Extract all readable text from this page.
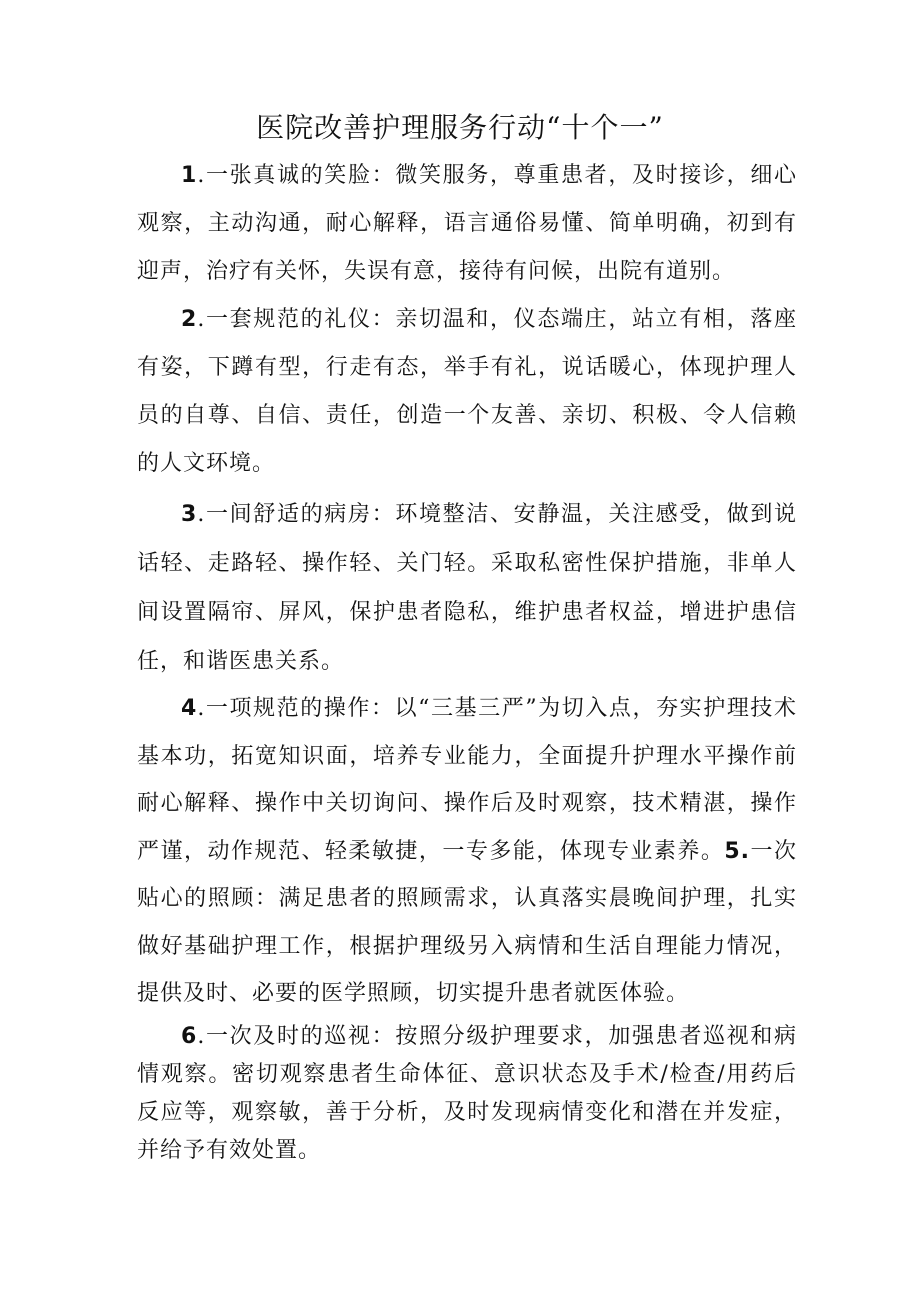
医院改善护理服务行动“十个一”

1.一张真诚的笑脸：微笑服务，尊重患者，及时接诊，细心观察，主动沟通，耐心解释，语言通俗易懂、简单明确，初到有迎声，治疗有关怀，失误有意，接待有问候，出院有道别。

2.一套规范的礼仪：亲切温和，仪态端庄，站立有相，落座有姿，下蹲有型，行走有态，举手有礼，说话暖心，体现护理人员的自尊、自信、责任，创造一个友善、亲切、积极、令人信赖的人文环境。

3.一间舒适的病房：环境整洁、安静温，关注感受，做到说话轻、走路轻、操作轻、关门轻。采取私密性保护措施，非单人间设置隔帘、屏风，保护患者隐私，维护患者权益，增进护患信任，和谐医患关系。

4.一项规范的操作：以“三基三严”为切入点，夯实护理技术基本功，拓宽知识面，培养专业能力，全面提升护理水平操作前耐心解释、操作中关切询问、操作后及时观察，技术精湛，操作严谨，动作规范、轻柔敏捷，一专多能，体现专业素养。5.一次贴心的照顾：满足患者的照顾需求，认真落实晨晚间护理，扎实做好基础护理工作，根据护理级另入病情和生活自理能力情况，提供及时、必要的医学照顾，切实提升患者就医体验。

6.一次及时的巡视：按照分级护理要求，加强患者巡视和病情观察。密切观察患者生命体征、意识状态及手术/检查/用药后反应等，观察敏，善于分析，及时发现病情变化和潜在并发症，并给予有效处置。
